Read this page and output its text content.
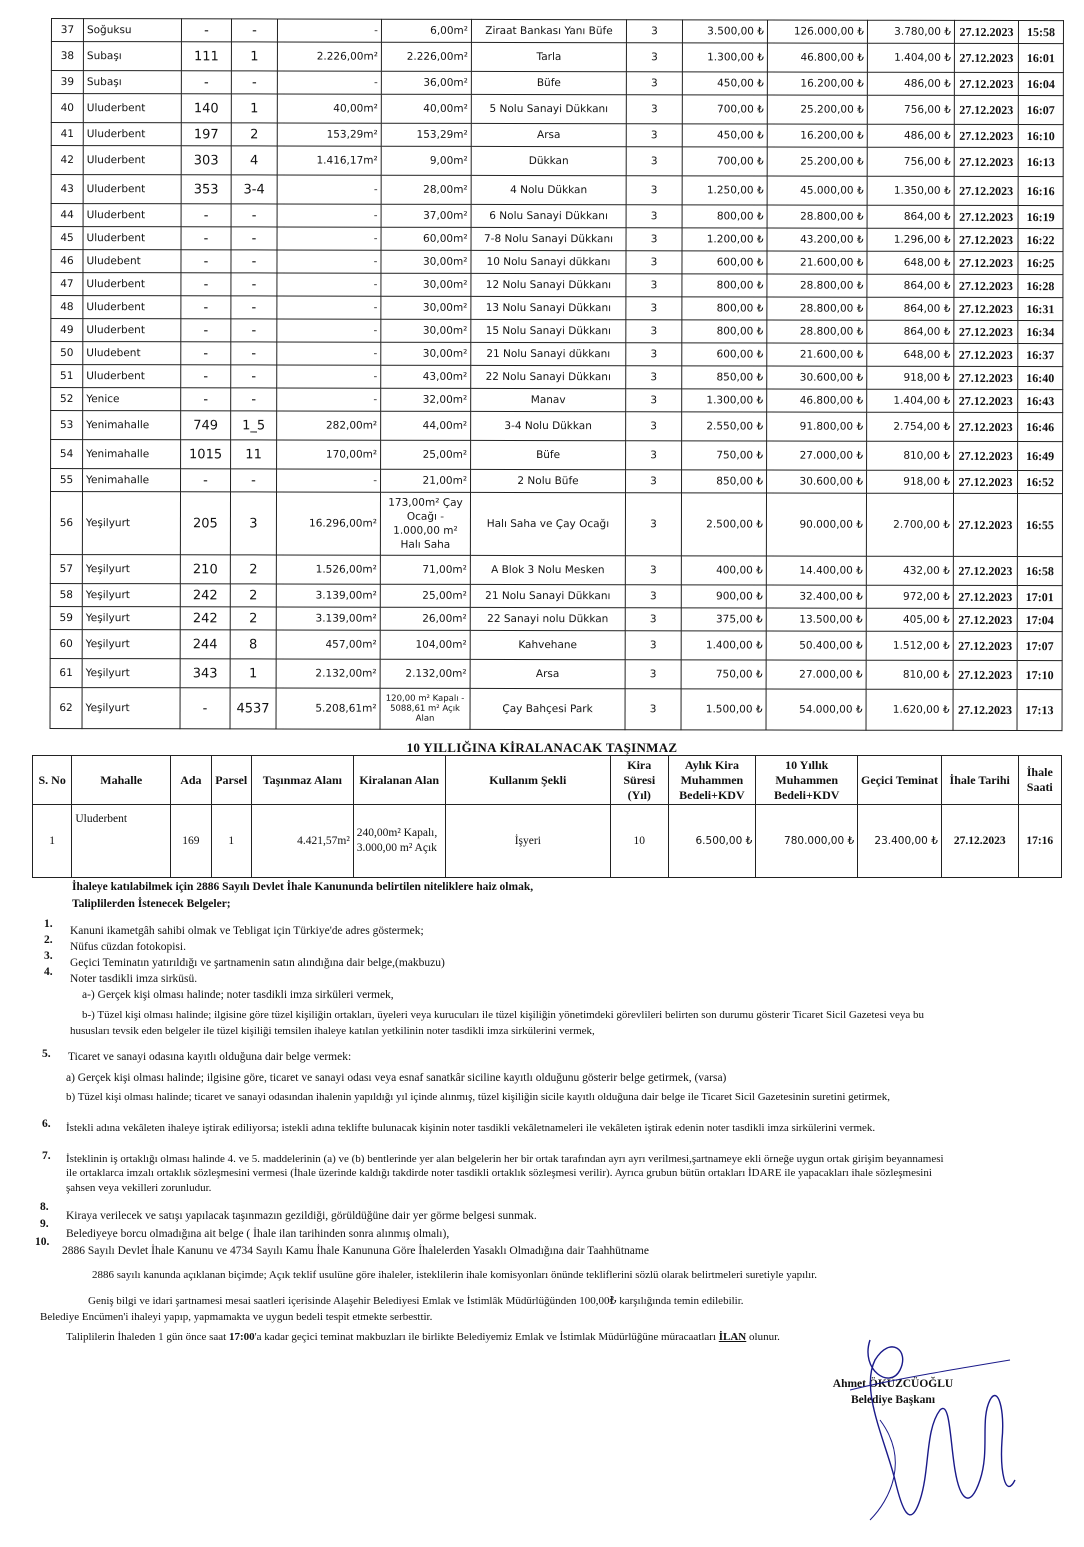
37	Soğuksu	-	-	-	6,00m²	Ziraat Bankası Yanı Büfe	3	3.500,00 ₺	126.000,00 ₺	3.780,00 ₺	27.12.2023	15:58
38	Subaşı	111	1	2.226,00m²	2.226,00m²	Tarla	3	1.300,00 ₺	46.800,00 ₺	1.404,00 ₺	27.12.2023	16:01
39	Subaşı	-	-	-	36,00m²	Büfe	3	450,00 ₺	16.200,00 ₺	486,00 ₺	27.12.2023	16:04
40	Uluderbent	140	1	40,00m²	40,00m²	5 Nolu Sanayi Dükkanı	3	700,00 ₺	25.200,00 ₺	756,00 ₺	27.12.2023	16:07
41	Uluderbent	197	2	153,29m²	153,29m²	Arsa	3	450,00 ₺	16.200,00 ₺	486,00 ₺	27.12.2023	16:10
42	Uluderbent	303	4	1.416,17m²	9,00m²	Dükkan	3	700,00 ₺	25.200,00 ₺	756,00 ₺	27.12.2023	16:13
43	Uluderbent	353	3-4	-	28,00m²	4 Nolu Dükkan	3	1.250,00 ₺	45.000,00 ₺	1.350,00 ₺	27.12.2023	16:16
44	Uluderbent	-	-	-	37,00m²	6 Nolu Sanayi Dükkanı	3	800,00 ₺	28.800,00 ₺	864,00 ₺	27.12.2023	16:19
45	Uluderbent	-	-	-	60,00m²	7-8 Nolu Sanayi Dükkanı	3	1.200,00 ₺	43.200,00 ₺	1.296,00 ₺	27.12.2023	16:22
46	Uludebent	-	-	-	30,00m²	10 Nolu Sanayi dükkanı	3	600,00 ₺	21.600,00 ₺	648,00 ₺	27.12.2023	16:25
47	Uluderbent	-	-	-	30,00m²	12 Nolu Sanayi Dükkanı	3	800,00 ₺	28.800,00 ₺	864,00 ₺	27.12.2023	16:28
48	Uluderbent	-	-	-	30,00m²	13 Nolu Sanayi Dükkanı	3	800,00 ₺	28.800,00 ₺	864,00 ₺	27.12.2023	16:31
49	Uluderbent	-	-	-	30,00m²	15 Nolu Sanayi Dükkanı	3	800,00 ₺	28.800,00 ₺	864,00 ₺	27.12.2023	16:34
50	Uludebent	-	-	-	30,00m²	21 Nolu Sanayi dükkanı	3	600,00 ₺	21.600,00 ₺	648,00 ₺	27.12.2023	16:37
51	Uluderbent	-	-	-	43,00m²	22 Nolu Sanayi Dükkanı	3	850,00 ₺	30.600,00 ₺	918,00 ₺	27.12.2023	16:40
52	Yenice	-	-	-	32,00m²	Manav	3	1.300,00 ₺	46.800,00 ₺	1.404,00 ₺	27.12.2023	16:43
53	Yenimahalle	749	1_5	282,00m²	44,00m²	3-4 Nolu Dükkan	3	2.550,00 ₺	91.800,00 ₺	2.754,00 ₺	27.12.2023	16:46
54	Yenimahalle	1015	11	170,00m²	25,00m²	Büfe	3	750,00 ₺	27.000,00 ₺	810,00 ₺	27.12.2023	16:49
55	Yenimahalle	-	-	-	21,00m²	2 Nolu Büfe	3	850,00 ₺	30.600,00 ₺	918,00 ₺	27.12.2023	16:52
56	Yeşilyurt	205	3	16.296,00m²	173,00m² Çay Ocağı - 1.000,00 m² Halı Saha	Halı Saha ve Çay Ocağı	3	2.500,00 ₺	90.000,00 ₺	2.700,00 ₺	27.12.2023	16:55
57	Yeşilyurt	210	2	1.526,00m²	71,00m²	A Blok 3 Nolu Mesken	3	400,00 ₺	14.400,00 ₺	432,00 ₺	27.12.2023	16:58
58	Yeşilyurt	242	2	3.139,00m²	25,00m²	21 Nolu Sanayi Dükkanı	3	900,00 ₺	32.400,00 ₺	972,00 ₺	27.12.2023	17:01
59	Yeşilyurt	242	2	3.139,00m²	26,00m²	22 Sanayi nolu Dükkan	3	375,00 ₺	13.500,00 ₺	405,00 ₺	27.12.2023	17:04
60	Yeşilyurt	244	8	457,00m²	104,00m²	Kahvehane	3	1.400,00 ₺	50.400,00 ₺	1.512,00 ₺	27.12.2023	17:07
61	Yeşilyurt	343	1	2.132,00m²	2.132,00m²	Arsa	3	750,00 ₺	27.000,00 ₺	810,00 ₺	27.12.2023	17:10
62	Yeşilyurt	-	4537	5.208,61m²	120,00 m² Kapalı - 5088,61 m² Açık Alan	Çay Bahçesi Park	3	1.500,00 ₺	54.000,00 ₺	1.620,00 ₺	27.12.2023	17:13
10 YILLIĞINA KİRALANACAK TAŞINMAZ
S. No	Mahalle	Ada	Parsel	Taşınmaz Alanı	Kiralanan Alan	Kullanım Şekli	Kira Süresi (Yıl)	Aylık Kira Muhammen Bedeli+KDV	10 Yıllık Muhammen Bedeli+KDV	Geçici Teminat	İhale Tarihi	İhale Saati
1	Uluderbent	169	1	4.421,57m²	240,00m² Kapalı, 3.000,00 m² Açık	İşyeri	10	6.500,00 ₺	780.000,00 ₺	23.400,00 ₺	27.12.2023	17:16
İhaleye katılabilmek için 2886 Sayılı Devlet İhale Kanununda belirtilen niteliklere haiz olmak,
Taliplilerden İstenecek Belgeler;
1.
Kanuni ikametgâh sahibi olmak ve Tebligat için Türkiye'de adres göstermek;
2.
Nüfus cüzdan fotokopisi.
3.
Geçici Teminatın yatırıldığı ve şartnamenin satın alındığına dair belge,(makbuzu)
4.
Noter tasdikli imza sirküsü.
a-) Gerçek kişi olması halinde; noter tasdikli imza sirküleri vermek,
b-) Tüzel kişi olması halinde; ilgisine göre tüzel kişiliğin ortakları, üyeleri veya kurucuları ile tüzel kişiliğin yönetimdeki görevlileri belirten son durumu gösterir Ticaret Sicil Gazetesi veya bu
hususları tevsik eden belgeler ile tüzel kişiliği temsilen ihaleye katılan yetkilinin noter tasdikli imza sirkülerini vermek,
5. Ticaret ve sanayi odasına kayıtlı olduğuna dair belge vermek:
a) Gerçek kişi olması halinde; ilgisine göre, ticaret ve sanayi odası veya esnaf sanatkâr siciline kayıtlı olduğunu gösterir belge getirmek, (varsa)
b) Tüzel kişi olması halinde; ticaret ve sanayi odasından ihalenin yapıldığı yıl içinde alınmış, tüzel kişiliğin sicile kayıtlı olduğuna dair belge ile Ticaret Sicil Gazetesinin suretini getirmek,
6. İstekli adına vekâleten ihaleye iştirak ediliyorsa; istekli adına teklifte bulunacak kişinin noter tasdikli vekâletnameleri ile vekâleten iştirak edenin noter tasdikli imza sirkülerini vermek.
7. İsteklinin iş ortaklığı olması halinde 4. ve 5. maddelerinin (a) ve (b) bentlerinde yer alan belgelerin her bir ortak tarafından ayrı ayrı verilmesi,şartnameye ekli örneğe uygun ortak girişim beyannamesi
ile ortaklarca imzalı ortaklık sözleşmesini vermesi (İhale üzerinde kaldığı takdirde noter tasdikli ortaklık sözleşmesi verilir). Ayrıca grubun bütün ortakları İDARE ile yapacakları ihale sözleşmesini
şahsen veya vekilleri zorunludur.
8.
Kiraya verilecek ve satışı yapılacak taşınmazın gezildiği, görüldüğüne dair yer görme belgesi sunmak.
9.
Belediyeye borcu olmadığına ait belge ( İhale ilan tarihinden sonra alınmış olmalı),
10.
2886 Sayılı Devlet İhale Kanunu ve 4734 Sayılı Kamu İhale Kanununa Göre İhalelerden Yasaklı Olmadığına dair Taahhütname
2886 sayılı kanunda açıklanan biçimde; Açık teklif usulüne göre ihaleler, isteklilerin ihale komisyonları önünde tekliflerini sözlü olarak belirtmeleri suretiyle yapılır.
Geniş bilgi ve idari şartnamesi mesai saatleri içerisinde Alaşehir Belediyesi Emlak ve İstimlâk Müdürlüğünden 100,00₺ karşılığında temin edilebilir.
Belediye Encümen'i ihaleyi yapıp, yapmamakta ve uygun bedeli tespit etmekte serbesttir.
Taliplilerin İhaleden 1 gün önce saat 17:00'a kadar geçici teminat makbuzları ile birlikte Belediyemiz Emlak ve İstimlak Müdürlüğüne müracaatları İLAN olunur.
Ahmet ÖKÜZCÜOĞLU
Belediye Başkanı
